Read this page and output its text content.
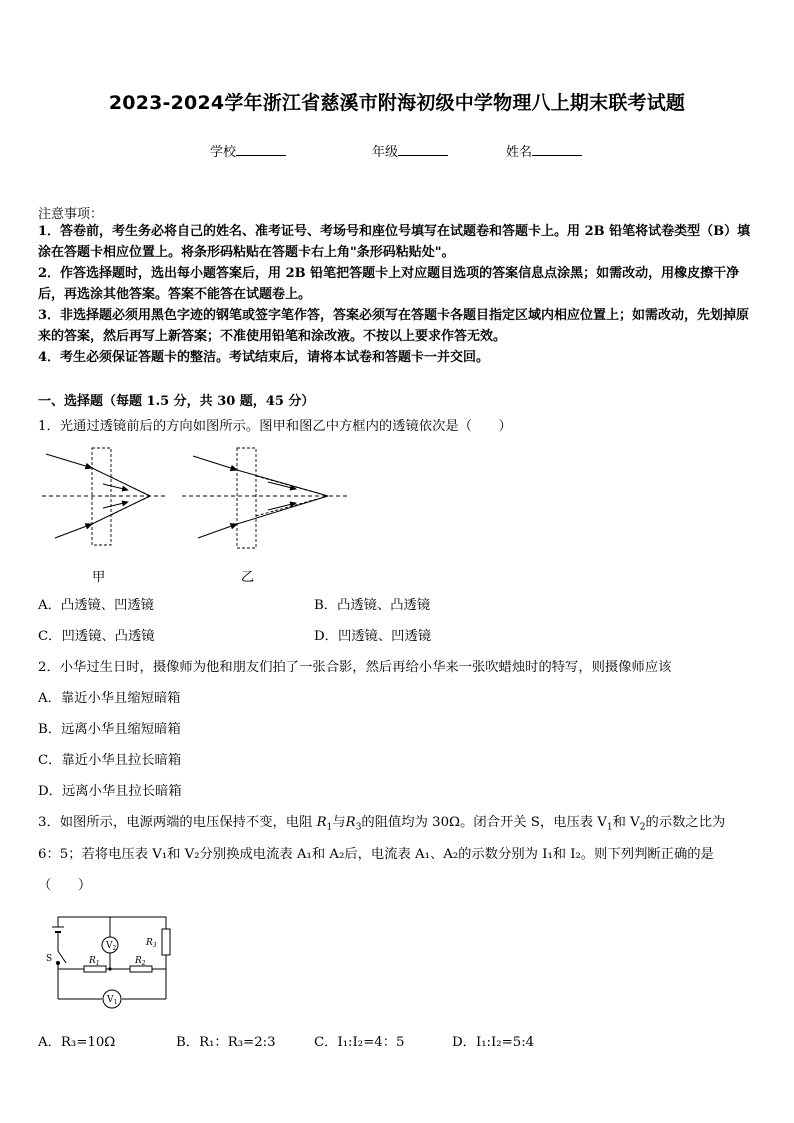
2023-2024学年浙江省慈溪市附海初级中学物理八上期末联考试题
学校	年级	姓名
注意事项：
1．答卷前，考生务必将自己的姓名、准考证号、考场号和座位号填写在试题卷和答题卡上。用 2B 铅笔将试卷类型（B）填涂在答题卡相应位置上。将条形码粘贴在答题卡右上角"条形码粘贴处"。
2．作答选择题时，选出每小题答案后，用 2B 铅笔把答题卡上对应题目选项的答案信息点涂黑；如需改动，用橡皮擦干净后，再选涂其他答案。答案不能答在试题卷上。
3．非选择题必须用黑色字迹的钢笔或签字笔作答，答案必须写在答题卡各题目指定区域内相应位置上；如需改动，先划掉原来的答案，然后再写上新答案；不准使用铅笔和涂改液。不按以上要求作答无效。
4．考生必须保证答题卡的整洁。考试结束后，请将本试卷和答题卡一并交回。
一、选择题（每题 1.5 分，共 30 题，45 分）
1．光通过透镜前后的方向如图所示。图甲和图乙中方框内的透镜依次是（　　）
甲	乙
A．凸透镜、凹透镜	B．凸透镜、凸透镜
C．凹透镜、凸透镜	D．凹透镜、凹透镜
2．小华过生日时，摄像师为他和朋友们拍了一张合影，然后再给小华来一张吹蜡烛时的特写，则摄像师应该
A．靠近小华且缩短暗箱
B．远离小华且缩短暗箱
C．靠近小华且拉长暗箱
D．远离小华且拉长暗箱
3．如图所示，电源两端的电压保持不变，电阻 $R_1$与$R_3$的阻值均为 30Ω。闭合开关 S，电压表 $V_1$和 $V_2$的示数之比为
6：5；若将电压表 V₁和 V₂分别换成电流表 A₁和 A₂后，电流表 A₁、A₂的示数分别为 I₁和 I₂。则下列判断正确的是
（　　）
S
$V_2$
$V_1$
$R_1$	$R_2$
$R_3$
A．R₃=10Ω	B．R₁：R₃=2:3	C．I₁:I₂=4：5	D．I₁:I₂=5:4
